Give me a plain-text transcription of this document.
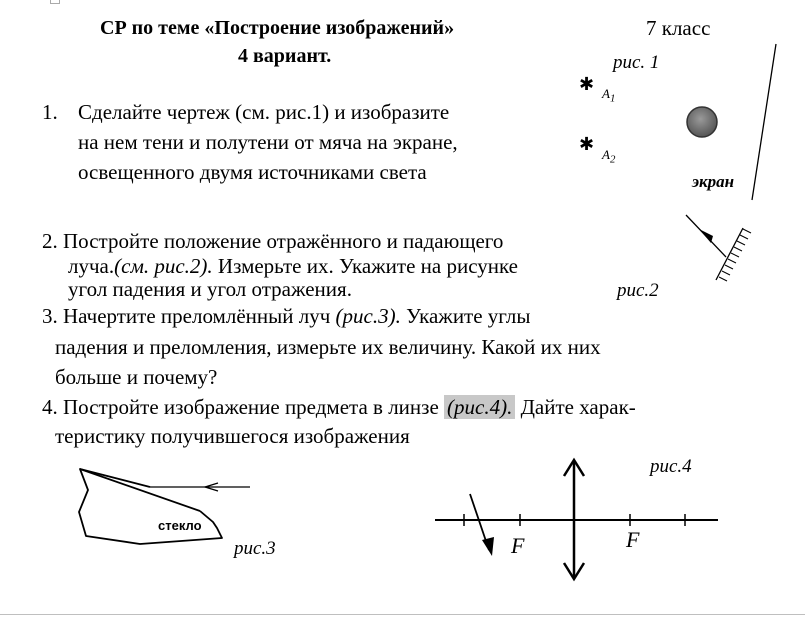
СР по теме «Построение изображений»	7 класс
4 вариант.
1. Сделайте чертеж (см. рис.1) и изобразите
на нем тени и полутени от мяча на экране,
освещенного двумя источниками света
2. Постройте положение отражённого и падающего
луча.(см. рис.2). Измерьте их. Укажите на рисунке
угол падения и угол отражения.
3. Начертите преломлённый луч (рис.3). Укажите углы
падения и преломления, измерьте их величину. Какой их них
больше и почему?
4. Постройте изображение предмета в линзе (рис.4). Дайте харак-
теристику получившегося изображения
рис. 1
✱ $A_1$
✱
$A_2$
экран
рис.2
стекло
рис.3
рис.4
F	F
